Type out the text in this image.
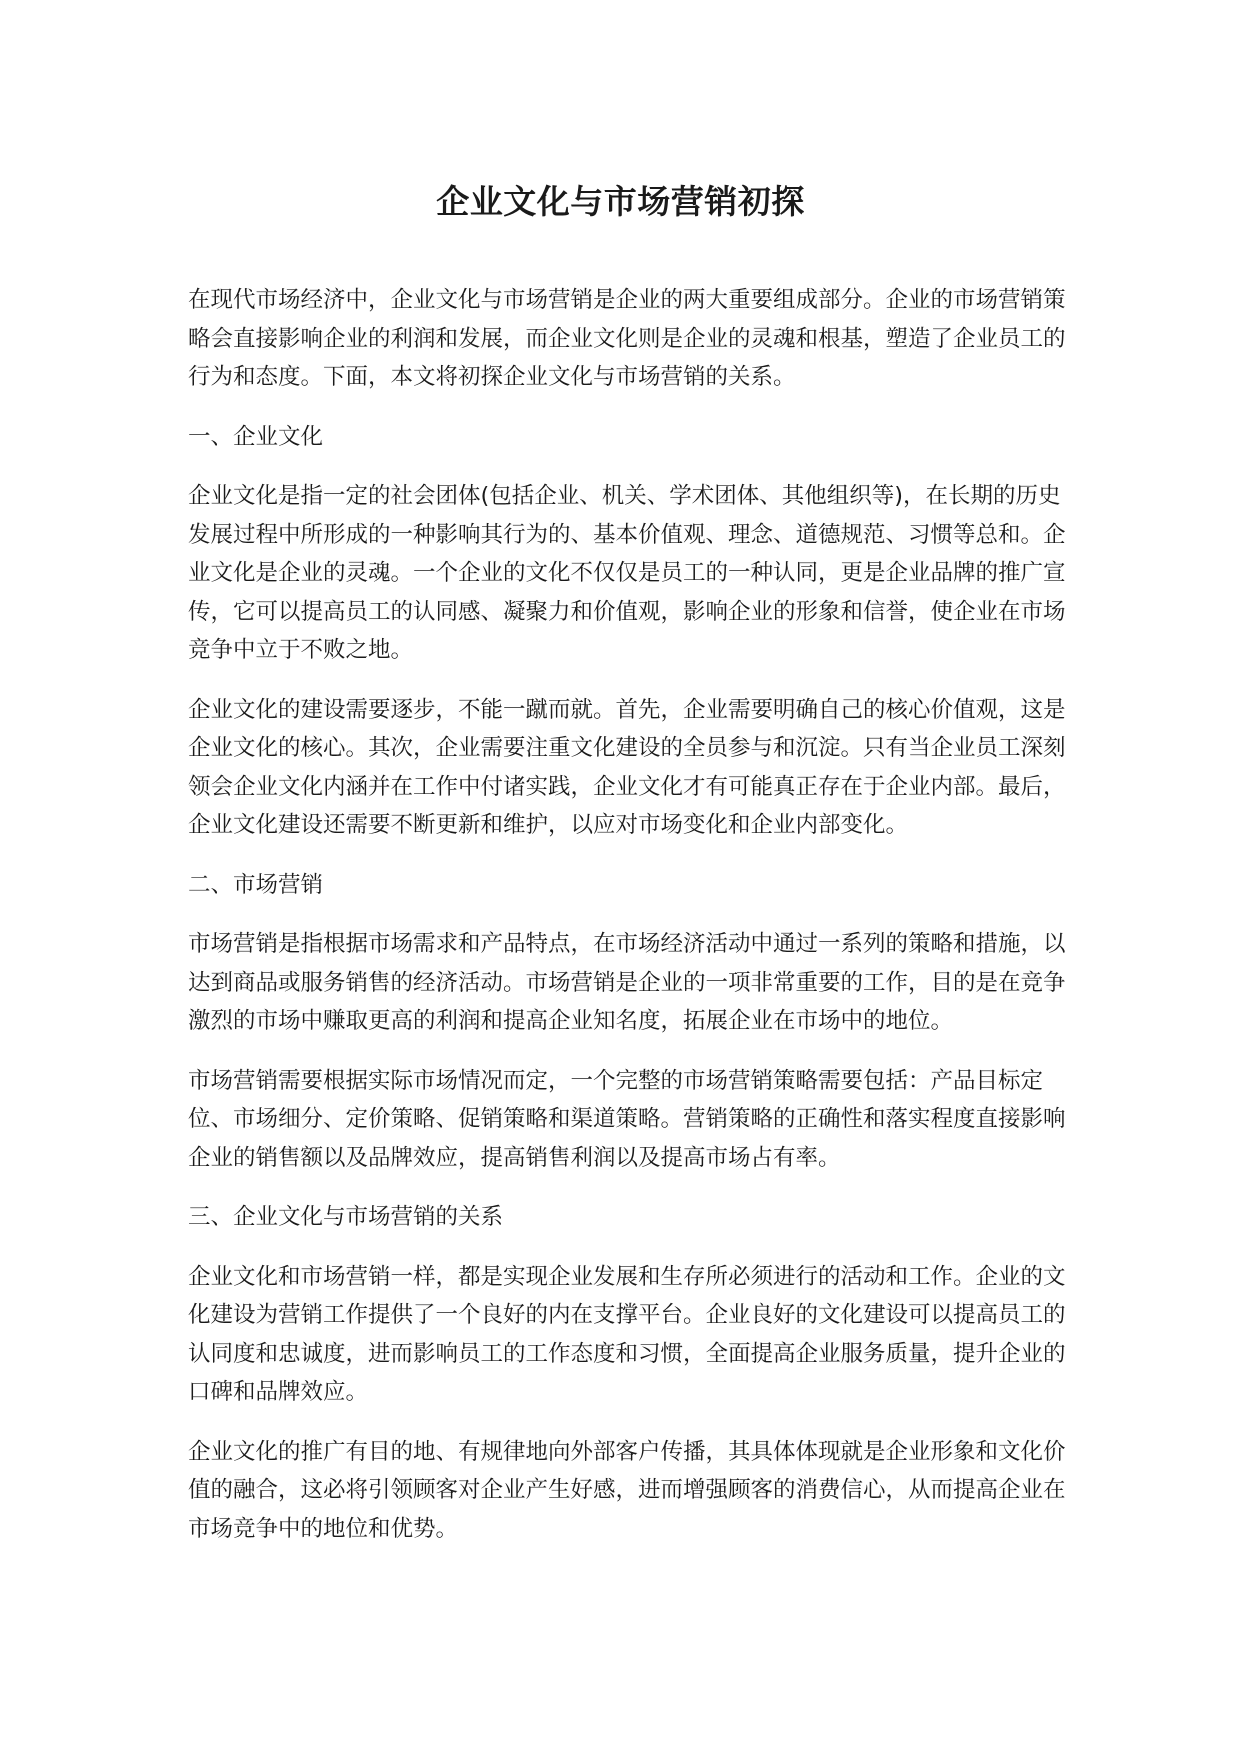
企业文化与市场营销初探

在现代市场经济中，企业文化与市场营销是企业的两大重要组成部分。企业的市场营销策略会直接影响企业的利润和发展，而企业文化则是企业的灵魂和根基，塑造了企业员工的行为和态度。下面，本文将初探企业文化与市场营销的关系。

一、企业文化

企业文化是指一定的社会团体(包括企业、机关、学术团体、其他组织等)，在长期的历史发展过程中所形成的一种影响其行为的、基本价值观、理念、道德规范、习惯等总和。企业文化是企业的灵魂。一个企业的文化不仅仅是员工的一种认同，更是企业品牌的推广宣传，它可以提高员工的认同感、凝聚力和价值观，影响企业的形象和信誉，使企业在市场竞争中立于不败之地。

企业文化的建设需要逐步，不能一蹴而就。首先，企业需要明确自己的核心价值观，这是企业文化的核心。其次，企业需要注重文化建设的全员参与和沉淀。只有当企业员工深刻领会企业文化内涵并在工作中付诸实践，企业文化才有可能真正存在于企业内部。最后，企业文化建设还需要不断更新和维护，以应对市场变化和企业内部变化。

二、市场营销

市场营销是指根据市场需求和产品特点，在市场经济活动中通过一系列的策略和措施，以达到商品或服务销售的经济活动。市场营销是企业的一项非常重要的工作，目的是在竞争激烈的市场中赚取更高的利润和提高企业知名度，拓展企业在市场中的地位。

市场营销需要根据实际市场情况而定，一个完整的市场营销策略需要包括：产品目标定位、市场细分、定价策略、促销策略和渠道策略。营销策略的正确性和落实程度直接影响企业的销售额以及品牌效应，提高销售利润以及提高市场占有率。

三、企业文化与市场营销的关系

企业文化和市场营销一样，都是实现企业发展和生存所必须进行的活动和工作。企业的文化建设为营销工作提供了一个良好的内在支撑平台。企业良好的文化建设可以提高员工的认同度和忠诚度，进而影响员工的工作态度和习惯，全面提高企业服务质量，提升企业的口碑和品牌效应。

企业文化的推广有目的地、有规律地向外部客户传播，其具体体现就是企业形象和文化价值的融合，这必将引领顾客对企业产生好感，进而增强顾客的消费信心，从而提高企业在市场竞争中的地位和优势。
